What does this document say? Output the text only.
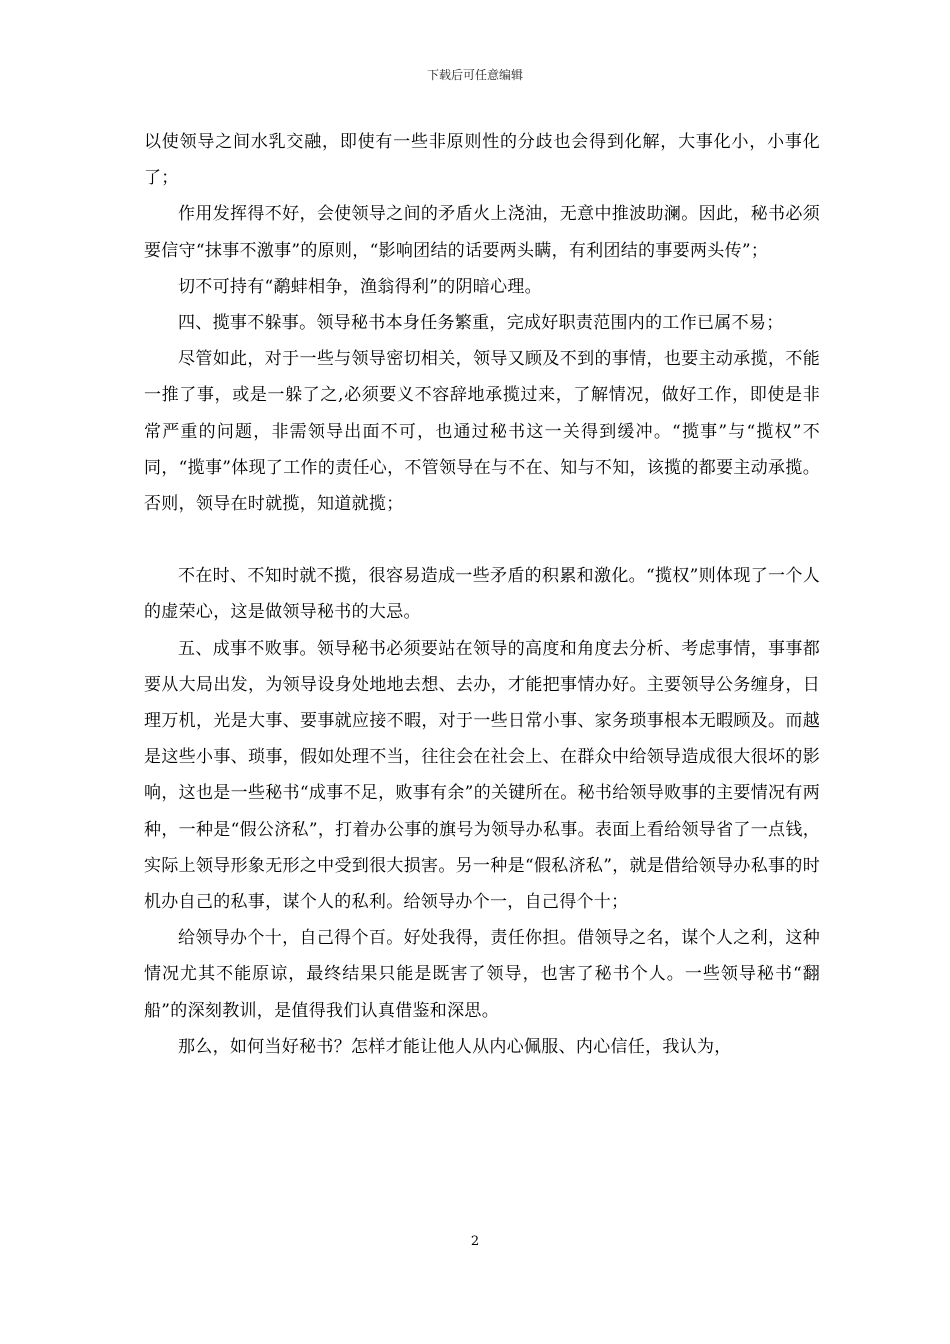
下载后可任意编辑

以使领导之间水乳交融，即使有一些非原则性的分歧也会得到化解，大事化小，小事化了；

作用发挥得不好，会使领导之间的矛盾火上浇油，无意中推波助澜。因此，秘书必须要信守“抹事不激事”的原则，“影响团结的话要两头瞒，有利团结的事要两头传”；

切不可持有“鹬蚌相争，渔翁得利”的阴暗心理。

四、揽事不躲事。领导秘书本身任务繁重，完成好职责范围内的工作已属不易；

尽管如此，对于一些与领导密切相关，领导又顾及不到的事情，也要主动承揽，不能一推了事，或是一躲了之,必须要义不容辞地承揽过来，了解情况，做好工作，即使是非常严重的问题，非需领导出面不可，也通过秘书这一关得到缓冲。“揽事”与“揽权”不同，“揽事”体现了工作的责任心，不管领导在与不在、知与不知，该揽的都要主动承揽。否则，领导在时就揽，知道就揽；

不在时、不知时就不揽，很容易造成一些矛盾的积累和激化。“揽权”则体现了一个人的虚荣心，这是做领导秘书的大忌。

五、成事不败事。领导秘书必须要站在领导的高度和角度去分析、考虑事情，事事都要从大局出发，为领导设身处地地去想、去办，才能把事情办好。主要领导公务缠身，日理万机，光是大事、要事就应接不暇，对于一些日常小事、家务琐事根本无暇顾及。而越是这些小事、琐事，假如处理不当，往往会在社会上、在群众中给领导造成很大很坏的影响，这也是一些秘书“成事不足，败事有余”的关键所在。秘书给领导败事的主要情况有两种，一种是“假公济私”，打着办公事的旗号为领导办私事。表面上看给领导省了一点钱，实际上领导形象无形之中受到很大损害。另一种是“假私济私”，就是借给领导办私事的时机办自己的私事，谋个人的私利。给领导办个一，自己得个十；

给领导办个十，自己得个百。好处我得，责任你担。借领导之名，谋个人之利，这种情况尤其不能原谅，最终结果只能是既害了领导，也害了秘书个人。一些领导秘书“翻船”的深刻教训，是值得我们认真借鉴和深思。

那么，如何当好秘书？怎样才能让他人从内心佩服、内心信任，我认为，

2
